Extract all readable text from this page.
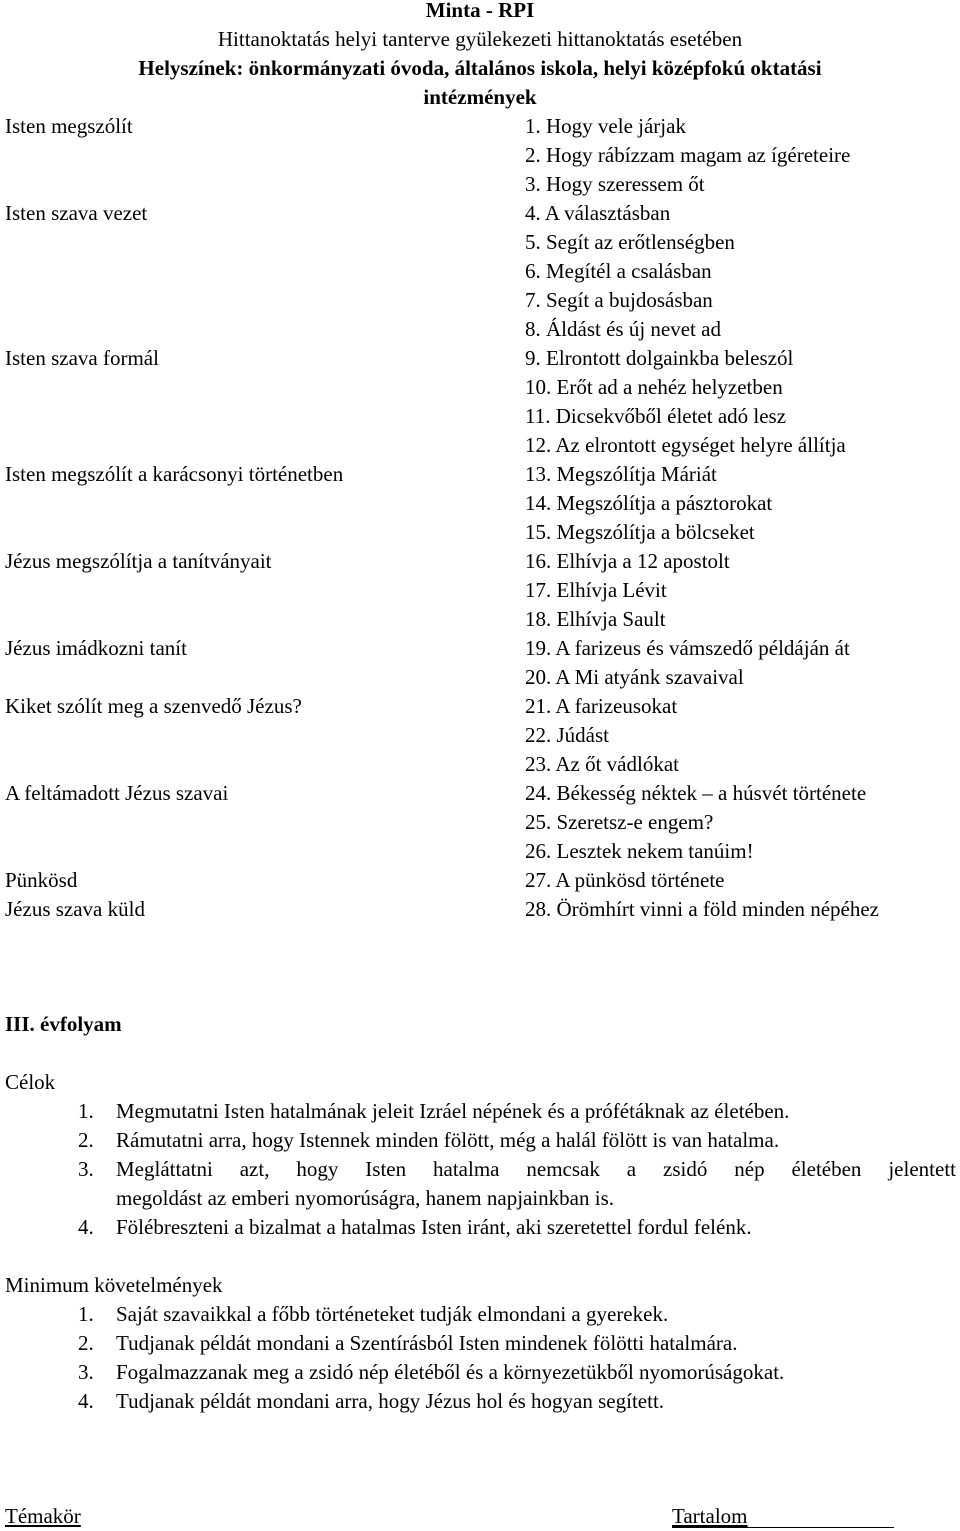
Minta - RPI
Hittanoktatás helyi tanterve gyülekezeti hittanoktatás esetében
Helyszínek: önkormányzati óvoda, általános iskola, helyi középfokú oktatási
intézmények
Isten megszólít	1. Hogy vele járjak
2. Hogy rábízzam magam az ígéreteire
3. Hogy szeressem őt
Isten szava vezet	4. A választásban
5. Segít az erőtlenségben
6. Megítél a csalásban
7. Segít a bujdosásban
8. Áldást és új nevet ad
Isten szava formál	9. Elrontott dolgainkba beleszól
10. Erőt ad a nehéz helyzetben
11. Dicsekvőből életet adó lesz
12. Az elrontott egységet helyre állítja
Isten megszólít a karácsonyi történetben	13. Megszólítja Máriát
14. Megszólítja a pásztorokat
15. Megszólítja a bölcseket
Jézus megszólítja a tanítványait	16. Elhívja a 12 apostolt
17. Elhívja Lévit
18. Elhívja Sault
Jézus imádkozni tanít	19. A farizeus és vámszedő példáján át
20. A Mi atyánk szavaival
Kiket szólít meg a szenvedő Jézus?	21. A farizeusokat
22. Júdást
23. Az őt vádlókat
A feltámadott Jézus szavai	24. Békesség néktek – a húsvét története
25. Szeretsz-e engem?
26. Lesztek nekem tanúim!
Pünkösd	27. A pünkösd története
Jézus szava küld	28. Örömhírt vinni a föld minden népéhez
III. évfolyam
Célok
1. Megmutatni Isten hatalmának jeleit Izráel népének és a prófétáknak az életében.
2. Rámutatni arra, hogy Istennek minden fölött, még a halál fölött is van hatalma.
3. Megláttatni azt, hogy Isten hatalma nemcsak a zsidó nép életében jelentett
megoldást az emberi nyomorúságra, hanem napjainkban is.
4. Fölébreszteni a bizalmat a hatalmas Isten iránt, aki szeretettel fordul felénk.
Minimum követelmények
1. Saját szavaikkal a főbb történeteket tudják elmondani a gyerekek.
2. Tudjanak példát mondani a Szentírásból Isten mindenek fölötti hatalmára.
3. Fogalmazzanak meg a zsidó nép életéből és a környezetükből nyomorúságokat.
4. Tudjanak példát mondani arra, hogy Jézus hol és hogyan segített.
Témakör	Tartalom
